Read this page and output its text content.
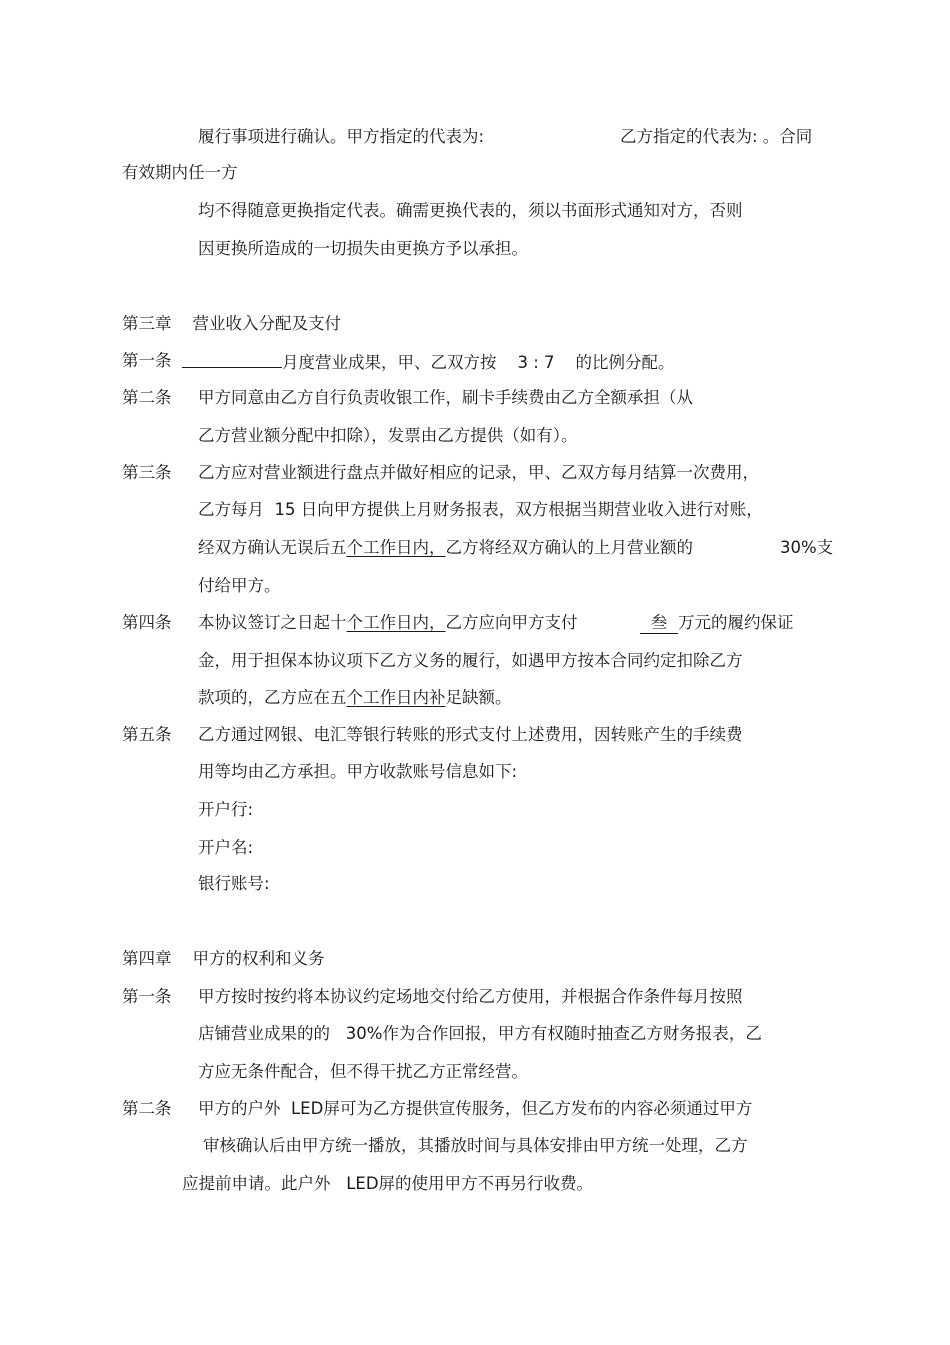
履行事项进行确认。甲方指定的代表为:	乙方指定的代表为: 。合同
有效期内任一方
均不得随意更换指定代表。确需更换代表的，须以书面形式通知对方，否则
因更换所造成的一切损失由更换方予以承担。
第三章    营业收入分配及支付
第一条	月度营业成果，甲、乙双方按    3 : 7    的比例分配。
第二条 甲方同意由乙方自行负责收银工作，刷卡手续费由乙方全额承担（从
乙方营业额分配中扣除），发票由乙方提供（如有）。
第三条 乙方应对营业额进行盘点并做好相应的记录，甲、乙双方每月结算一次费用，
乙方每月  15 日向甲方提供上月财务报表，双方根据当期营业收入进行对账，
经双方确认无误后五个工作日内，乙方将经双方确认的上月营业额的	30%支
付给甲方。
第四条 本协议签订之日起十个工作日内，乙方应向甲方支付	叁 万元的履约保证
金，用于担保本协议项下乙方义务的履行，如遇甲方按本合同约定扣除乙方
款项的，乙方应在五个工作日内补足缺额。
第五条 乙方通过网银、电汇等银行转账的形式支付上述费用，因转账产生的手续费
用等均由乙方承担。甲方收款账号信息如下:
开户行:
开户名:
银行账号:
第四章    甲方的权利和义务
第一条 甲方按时按约将本协议约定场地交付给乙方使用，并根据合作条件每月按照
店铺营业成果的的   30%作为合作回报，甲方有权随时抽查乙方财务报表，乙
方应无条件配合，但不得干扰乙方正常经营。
第二条 甲方的户外  LED屏可为乙方提供宣传服务，但乙方发布的内容必须通过甲方
审核确认后由甲方统一播放，其播放时间与具体安排由甲方统一处理，乙方
应提前申请。此户外   LED屏的使用甲方不再另行收费。
